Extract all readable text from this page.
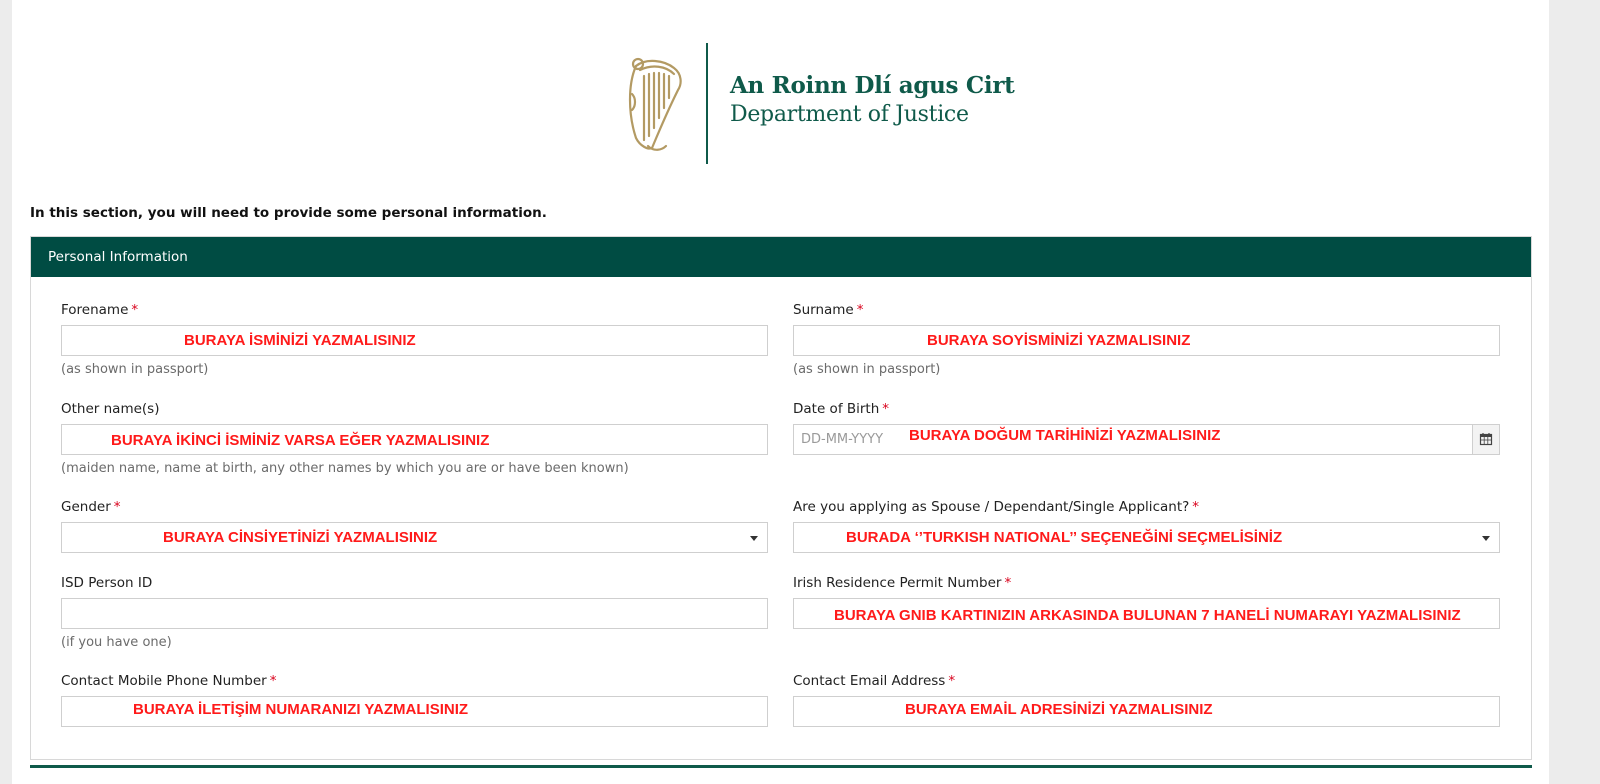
An Roinn Dlí agus Cirt
Department of Justice
In this section, you will need to provide some personal information.
Personal Information
Forename *
BURAYA İSMİNİZİ YAZMALISINIZ
(as shown in passport)
Surname *
BURAYA SOYİSMİNİZİ YAZMALISINIZ
(as shown in passport)
Other name(s)
BURAYA İKİNCİ İSMİNİZ VARSA EĞER YAZMALISINIZ
(maiden name, name at birth, any other names by which you are or have been known)
Date of Birth *
DD-MM-YYYY BURAYA DOĞUM TARİHİNİZİ YAZMALISINIZ
Gender *
BURAYA CİNSİYETİNİZİ YAZMALISINIZ
Are you applying as Spouse / Dependant/Single Applicant? *
BURADA ‘’TURKISH NATIONAL’’ SEÇENEĞİNİ SEÇMELİSİNİZ
ISD Person ID
(if you have one)
Irish Residence Permit Number *
BURAYA GNIB KARTINIZIN ARKASINDA BULUNAN 7 HANELİ NUMARAYI YAZMALISINIZ
Contact Mobile Phone Number *
BURAYA İLETİŞİM NUMARANIZI YAZMALISINIZ
Contact Email Address *
BURAYA EMAİL ADRESİNİZİ YAZMALISINIZ
